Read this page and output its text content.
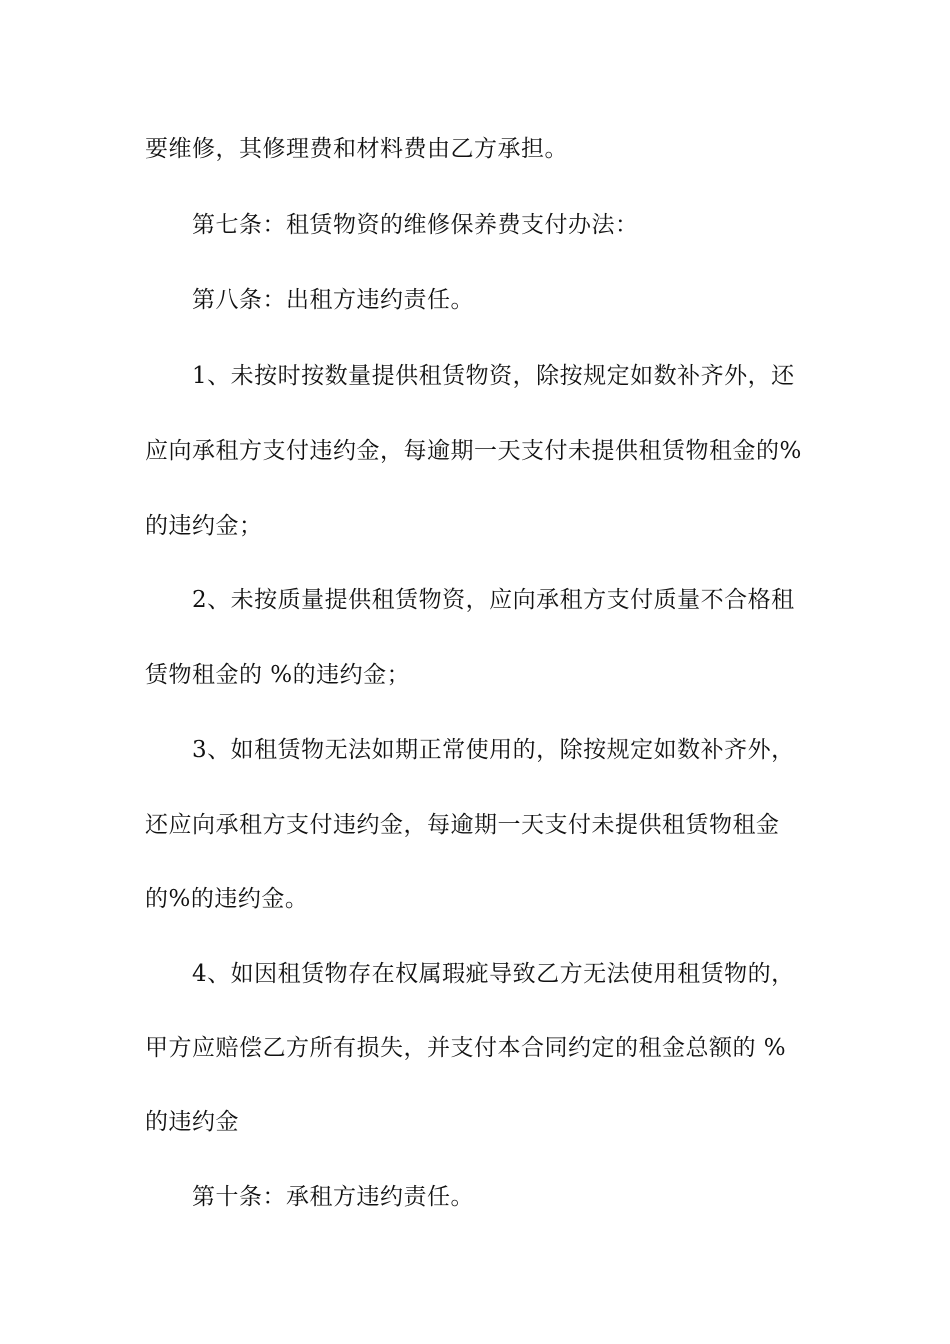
要维修，其修理费和材料费由乙方承担。
第七条：租赁物资的维修保养费支付办法：
第八条：出租方违约责任。
1、未按时按数量提供租赁物资，除按规定如数补齐外，还
应向承租方支付违约金，每逾期一天支付未提供租赁物租金的%
的违约金；
2、未按质量提供租赁物资，应向承租方支付质量不合格租
赁物租金的 %的违约金；
3、如租赁物无法如期正常使用的，除按规定如数补齐外，
还应向承租方支付违约金，每逾期一天支付未提供租赁物租金
的%的违约金。
4、如因租赁物存在权属瑕疵导致乙方无法使用租赁物的，
甲方应赔偿乙方所有损失，并支付本合同约定的租金总额的 %
的违约金
第十条：承租方违约责任。
